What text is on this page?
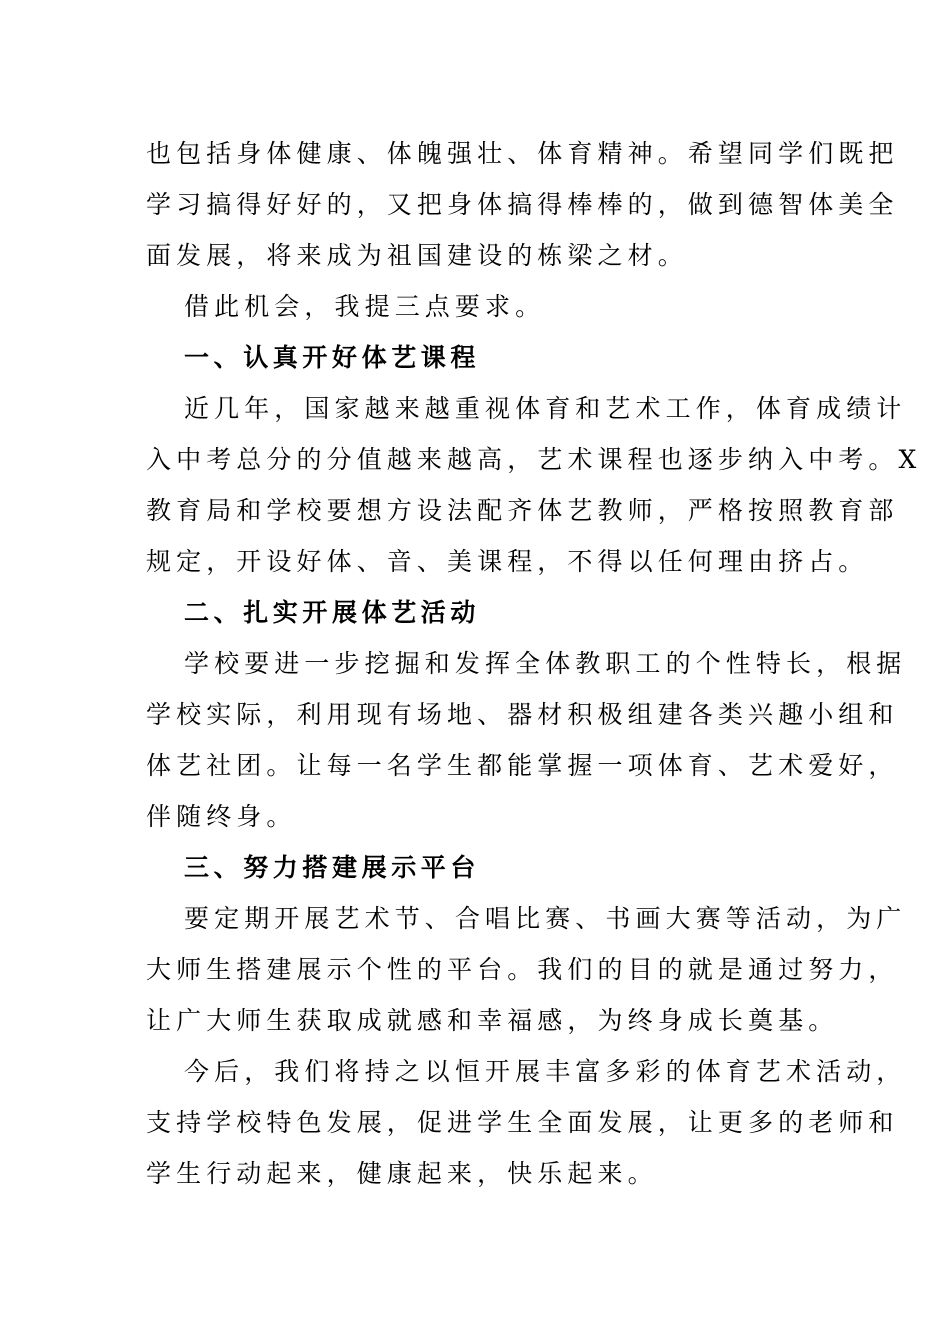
也包括身体健康、体魄强壮、体育精神。希望同学们既把
学习搞得好好的，又把身体搞得棒棒的，做到德智体美全
面发展，将来成为祖国建设的栋梁之材。
借此机会，我提三点要求。
一、认真开好体艺课程
近几年，国家越来越重视体育和艺术工作，体育成绩计
入中考总分的分值越来越高，艺术课程也逐步纳入中考。X
教育局和学校要想方设法配齐体艺教师，严格按照教育部
规定，开设好体、音、美课程，不得以任何理由挤占。
二、扎实开展体艺活动
学校要进一步挖掘和发挥全体教职工的个性特长，根据
学校实际，利用现有场地、器材积极组建各类兴趣小组和
体艺社团。让每一名学生都能掌握一项体育、艺术爱好，
伴随终身。
三、努力搭建展示平台
要定期开展艺术节、合唱比赛、书画大赛等活动，为广
大师生搭建展示个性的平台。我们的目的就是通过努力，
让广大师生获取成就感和幸福感，为终身成长奠基。
今后，我们将持之以恒开展丰富多彩的体育艺术活动，
支持学校特色发展，促进学生全面发展，让更多的老师和
学生行动起来，健康起来，快乐起来。
